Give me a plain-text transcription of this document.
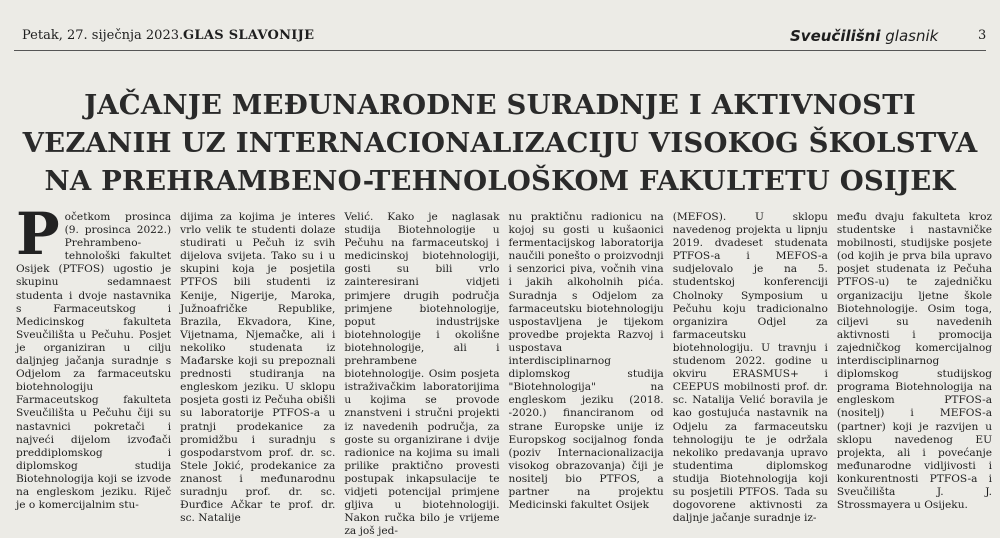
Petak, 27. siječnja 2023. GLAS SLAVONIJE	Sveučilišni glasnik	3
JAČANJE MEĐUNARODNE SURADNJE I AKTIVNOSTI
VEZANIH UZ INTERNACIONALIZACIJU VISOKOG ŠKOLSTVA
NA PREHRAMBENO-TEHNOLOŠKOM FAKULTETU OSIJEK
P očetkom prosinca (9. prosinca 2022.) Prehrambeno-tehnološki fakultet Osijek (PTFOS) ugostio je skupinu sedamnaest studenta i dvoje nastavnika s Farmaceutskog i Medicinskog fakulteta Sveučilišta u Pečuhu. Posjet je organiziran u cilju daljnjeg jačanja suradnje s Odjelom za farmaceutsku biotehnologiju Farmaceutskog fakulteta Sveučilišta u Pečuhu čiji su nastavnici pokretači i najveći dijelom izvođači preddiplomskog i diplomskog studija Biotehnologija koji se izvode na engleskom jeziku. Riječ je o komercijalnim stu-

dijima za kojima je interes vrlo velik te studenti dolaze studirati u Pečuh iz svih dijelova svijeta. Tako su i u skupini koja je posjetila PTFOS bili studenti iz Kenije, Nigerije, Maroka, Južnoafričke Republike, Brazila, Ekvadora, Kine, Vijetnama, Njemačke, ali i nekoliko studenata iz Mađarske koji su prepoznali prednosti studiranja na engleskom jeziku. U sklopu posjeta gosti iz Pečuha obišli su laboratorije PTFOS-a u pratnji prodekanice za promidžbu i suradnju s gospodarstvom prof. dr. sc. Stele Jokić, prodekanice za znanost i međunarodnu suradnju prof. dr. sc. Đurđice Ačkar te prof. dr. sc. Natalije

Velić. Kako je naglasak studija Biotehnologije u Pečuhu na farmaceutskoj i medicinskoj biotehnologiji, gosti su bili vrlo zainteresirani vidjeti primjere drugih područja primjene biotehnologije, poput industrijske biotehnologije i okolišne biotehnologije, ali i prehrambene biotehnologije. Osim posjeta istraživačkim laboratorijima u kojima se provode znanstveni i stručni projekti iz navedenih područja, za goste su organizirane i dvije radionice na kojima su imali prilike praktično provesti postupak inkapsulacije te vidjeti potencijal primjene gljiva u biotehnologiji. Nakon ručka bilo je vrijeme za još jed-

nu praktičnu radionicu na kojoj su gosti u kušaonici fermentacijskog laboratorija naučili ponešto o proizvodnji i senzorici piva, vočnih vina i jakih alkoholnih pića. Suradnja s Odjelom za farmaceutsku biotehnologiju uspostavljena je tijekom provedbe projekta Razvoj i uspostava interdisciplinarnog diplomskog studija "Biotehnologija" na engleskom jeziku (2018. -2020.) financiranom od strane Europske unije iz Europskog socijalnog fonda (poziv Internacionalizacija visokog obrazovanja) čiji je nositelj bio PTFOS, a partner na projektu Medicinski fakultet Osijek

(MEFOS). U sklopu navedenog projekta u lipnju 2019. dvadeset studenata PTFOS-a i MEFOS-a sudjelovalo je na 5. studentskoj konferenciji Cholnoky Symposium u Pečuhu koju tradicionalno organizira Odjel za farmaceutsku biotehnologiju. U travnju i studenom 2022. godine u okviru ERASMUS+ i CEEPUS mobilnosti prof. dr. sc. Natalija Velić boravila je kao gostujuća nastavnik na Odjelu za farmaceutsku tehnologiju te je održala nekoliko predavanja upravo studentima diplomskog studija Biotehnologija koji su posjetili PTFOS. Tada su dogovorene aktivnosti za daljnje jačanje suradnje iz-

među dvaju fakulteta kroz studentske i nastavničke mobilnosti, studijske posjete (od kojih je prva bila upravo posjet studenata iz Pečuha PTFOS-u) te zajedničku organizaciju ljetne škole Biotehnologije. Osim toga, ciljevi su navedenih aktivnosti i promocija zajedničkog komercijalnog interdisciplinarnog diplomskog studijskog programa Biotehnologija na engleskom PTFOS-a (nositelj) i MEFOS-a (partner) koji je razvijen u sklopu navedenog EU projekta, ali i povećanje međunarodne vidljivosti i konkurentnosti PTFOS-a i Sveučilišta J. J. Strossmayera u Osijeku.
